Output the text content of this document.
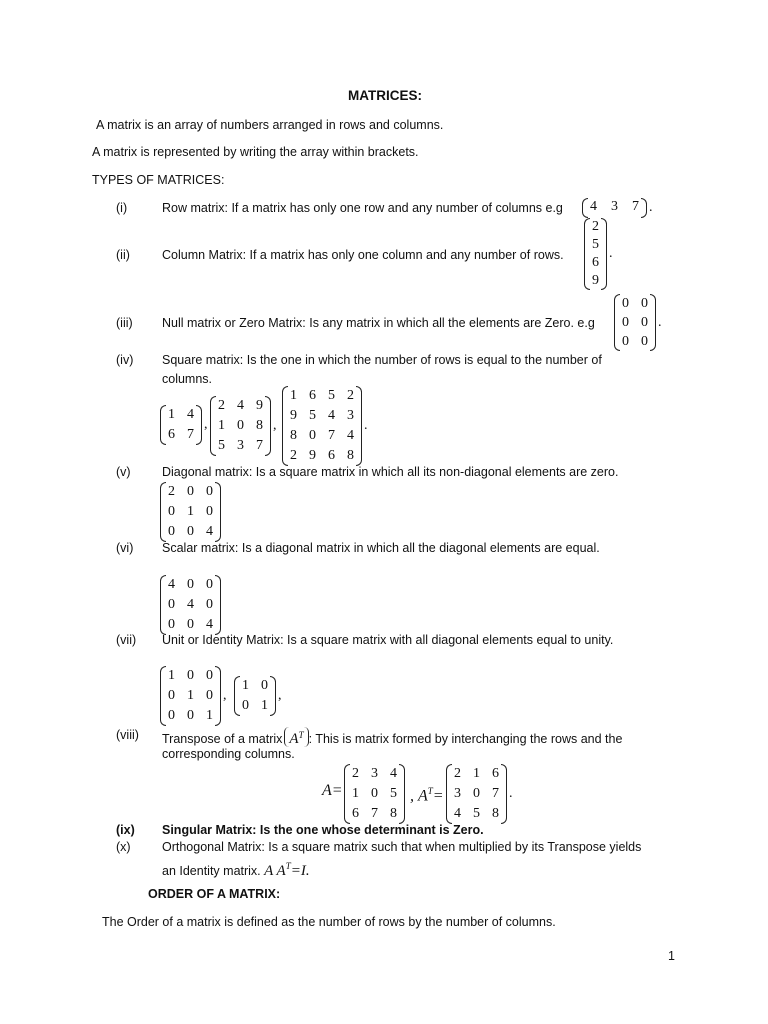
MATRICES:
A matrix is an array of numbers arranged in rows and columns.
A matrix is represented by writing the array within brackets.
TYPES OF MATRICES:
(i)	Row matrix: If a matrix has only one row and any number of columns e.g 4 3 7 .
(ii)	Column Matrix: If a matrix has only one column and any number of rows.
2
5
6
9
.
(iii) Null matrix or Zero Matrix: Is any matrix in which all the elements are Zero. e.g
0 0
0 0
0 0
.
(iv) Square matrix: Is the one in which the number of rows is equal to the number of
columns.
1 4
6 7
,
2 4 9
1 0 8
5 3 7
,
1 6 5 2
9 5 4 3
8 0 7 4
2 9 6 8
.
(v)	Diagonal matrix: Is a square matrix in which all its non-diagonal elements are zero.
2 0 0
0 1 0
0 0 4
(vi) Scalar matrix: Is a diagonal matrix in which all the diagonal elements are equal.
4 0 0
0 4 0
0 0 4
(vii) Unit or Identity Matrix: Is a square matrix with all diagonal elements equal to unity.
1 0 0
0 1 0
0 0 1
,
1 0
0 1
,
(viii) Transpose of a matrix $A^T$ : This is matrix formed by interchanging the rows and the
corresponding columns.
A=
2 3 4
1 0 5
6 7 8
, $A^T=$
2 1 6
3 0 7
4 5 8
.
(ix) Singular Matrix: Is the one whose determinant is Zero.
(x)	Orthogonal Matrix: Is a square matrix such that when multiplied by its Transpose yields
an Identity matrix. A $A^T=I$.
ORDER OF A MATRIX:
The Order of a matrix is defined as the number of rows by the number of columns.
1
